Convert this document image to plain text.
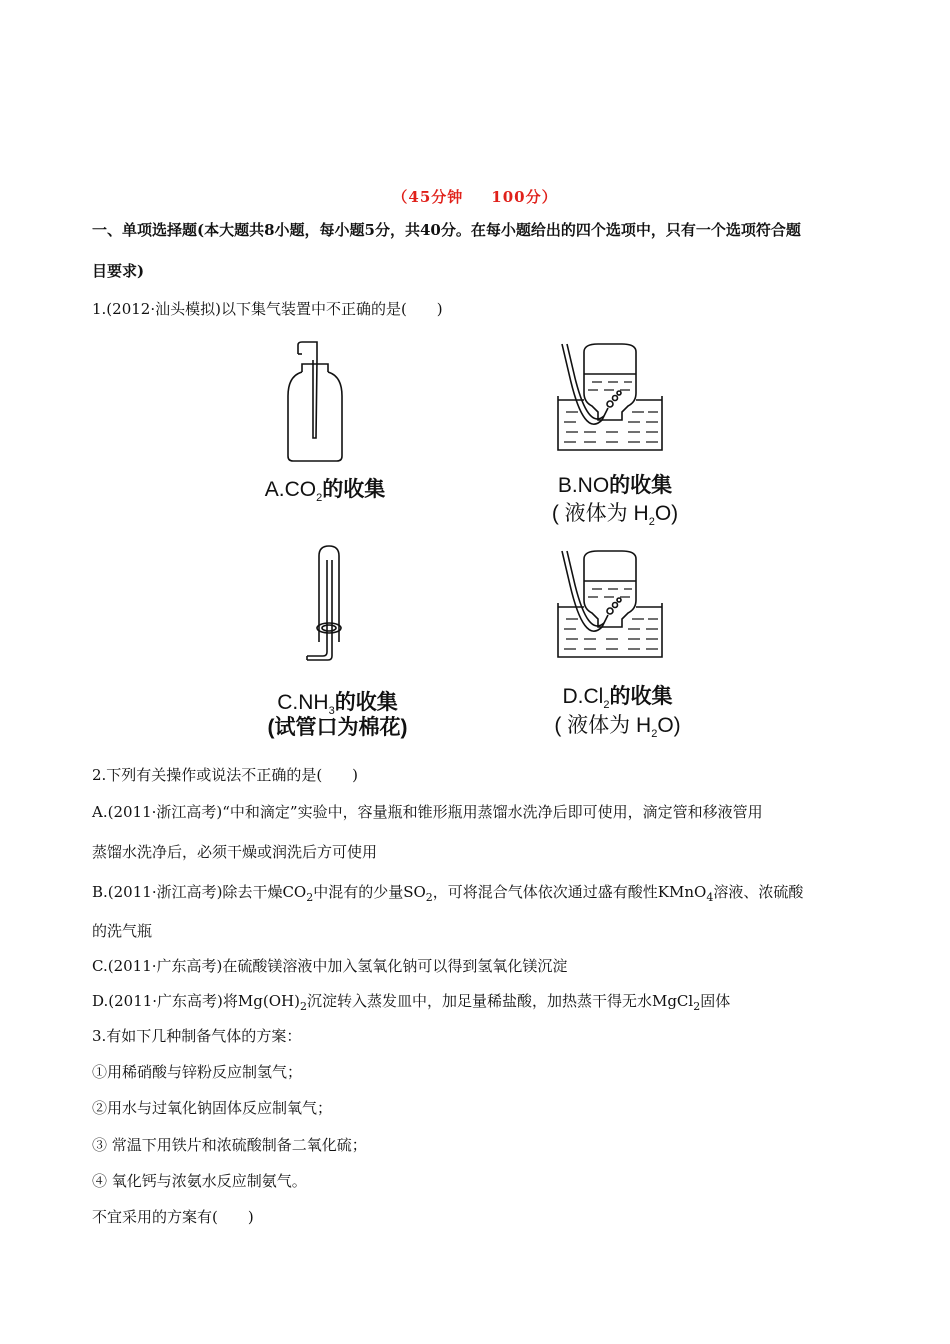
（45分钟 100分）
一、单项选择题(本大题共8小题，每小题5分，共40分。在每小题给出的四个选项中，只有一个选项符合题
目要求)
1.(2012·汕头模拟)以下集气装置中不正确的是(　　)
$A.CO_2$的收集	B.NO的收集
( 液体为 $H_2O$)
$C.NH_3$的收集
(试管口为棉花)
$D.Cl_2$的收集
( 液体为 $H_2O$)
2.下列有关操作或说法不正确的是(　　)
A.(2011·浙江高考)“中和滴定”实验中，容量瓶和锥形瓶用蒸馏水洗净后即可使用，滴定管和移液管用
蒸馏水洗净后，必须干燥或润洗后方可使用
B.(2011·浙江高考)除去干燥$CO_2$中混有的少量$SO_2$，可将混合气体依次通过盛有酸性KMnO$_4$溶液、浓硫酸
的洗气瓶
C.(2011·广东高考)在硫酸镁溶液中加入氢氧化钠可以得到氢氧化镁沉淀
D.(2011·广东高考)将$Mg(OH)_2$沉淀转入蒸发皿中，加足量稀盐酸，加热蒸干得无水MgCl$_2$固体
3.有如下几种制备气体的方案：
①用稀硝酸与锌粉反应制氢气；
②用水与过氧化钠固体反应制氧气；
③ 常温下用铁片和浓硫酸制备二氧化硫；
④ 氧化钙与浓氨水反应制氨气。
不宜采用的方案有(　　)
